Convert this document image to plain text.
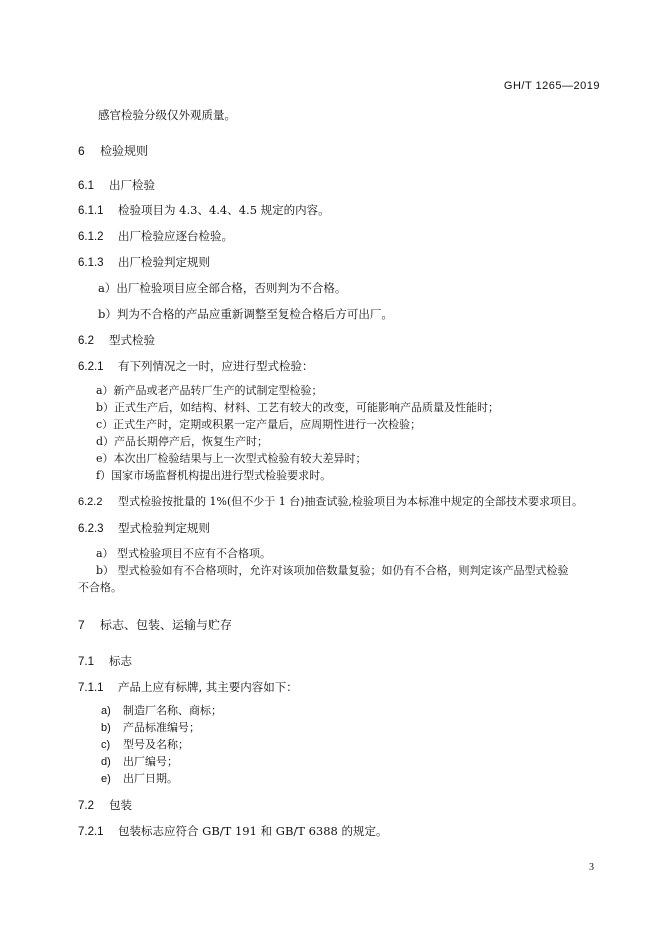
GH/T 1265—2019
感官检验分级仅外观质量。
6 检验规则
6.1 出厂检验
6.1.1 检验项目为 4.3、4.4、4.5 规定的内容。
6.1.2 出厂检验应逐台检验。
6.1.3 出厂检验判定规则
a）出厂检验项目应全部合格，否则判为不合格。
b）判为不合格的产品应重新调整至复检合格后方可出厂。
6.2 型式检验
6.2.1 有下列情况之一时，应进行型式检验：
a）新产品或老产品转厂生产的试制定型检验；
b）正式生产后，如结构、材料、工艺有较大的改变，可能影响产品质量及性能时；
c）正式生产时，定期或积累一定产量后，应周期性进行一次检验；
d）产品长期停产后，恢复生产时；
e）本次出厂检验结果与上一次型式检验有较大差异时；
f）国家市场监督机构提出进行型式检验要求时。
6.2.2 型式检验按批量的 1%(但不少于 1 台)抽查试验,检验项目为本标准中规定的全部技术要求项目。
6.2.3 型式检验判定规则
a） 型式检验项目不应有不合格项。
b） 型式检验如有不合格项时，允许对该项加倍数量复验；如仍有不合格，则判定该产品型式检验
不合格。
7 标志、包装、运输与贮存
7.1 标志
7.1.1 产品上应有标牌, 其主要内容如下：
a) 制造厂名称、商标；
b) 产品标准编号；
c) 型号及名称；
d) 出厂编号；
e) 出厂日期。
7.2 包装
7.2.1 包装标志应符合 GB/T 191 和 GB/T 6388 的规定。
3
